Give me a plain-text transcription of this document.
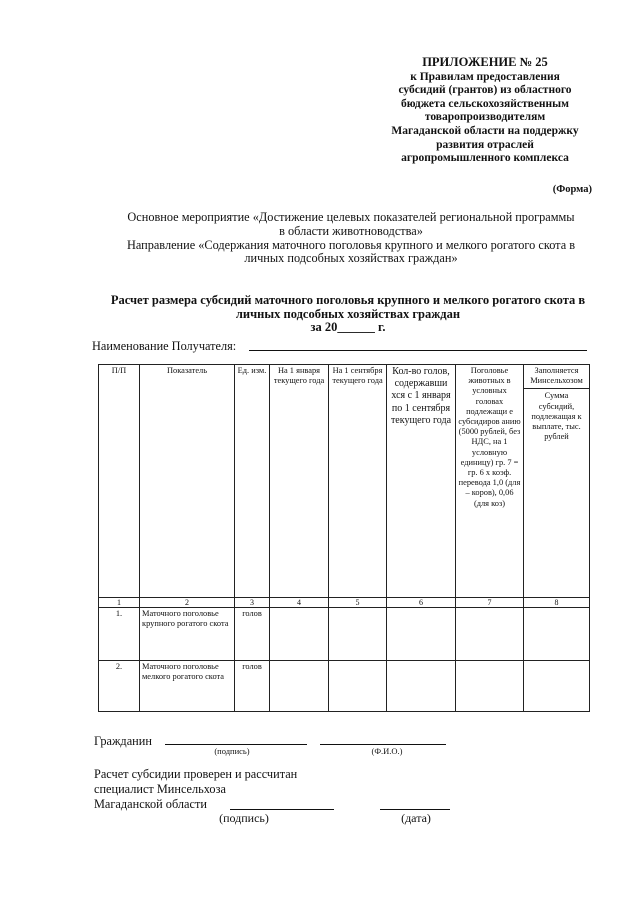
ПРИЛОЖЕНИЕ № 25
к Правилам предоставления
субсидий (грантов) из областного
бюджета сельскохозяйственным
товаропроизводителям
Магаданской области на поддержку
развития отраслей
агропромышленного комплекса
(Форма)
Основное мероприятие «Достижение целевых показателей региональной программы
в области животноводства»
Направление «Содержания маточного поголовья крупного и мелкого рогатого скота в
личных подсобных хозяйствах граждан»
Расчет размера субсидий маточного поголовья крупного и мелкого рогатого скота в
личных подсобных хозяйствах граждан
за 20______ г.
Наименование Получателя:
П/П	Показатель	Ед. изм.	На 1 января текущего года	На 1 сентября текущего года	Кол-во голов, содержавши хся с 1 января по 1 сентября текущего года	Поголовье животных в условных головах подлежащи е субсидиров анию (5000 рублей, без НДС, на 1 условную единицу) гр. 7 = гр. 6 х коэф. перевода 1,0 (для – коров), 0,06 (для коз)	Заполняется Минсельхозом
Сумма субсидий, подлежащая к выплате, тыс. рублей

1	2	3	4	5	6	7	8
1.	Маточного поголовье крупного рогатого скота	голов					
2.	Маточного поголовье мелкого рогатого скота	голов					
Гражданин
(подпись)	(Ф.И.О.)
Расчет субсидии проверен и рассчитан
специалист Минсельхоза
Магаданской области
(подпись)	(дата)
